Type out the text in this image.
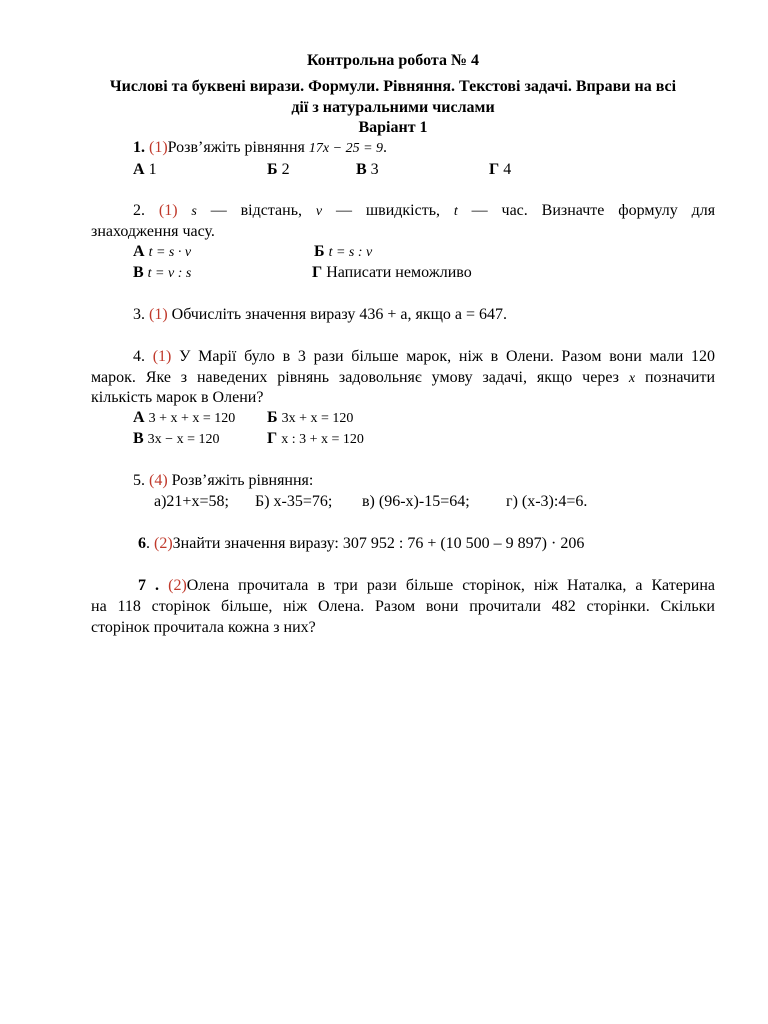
Контрольна робота № 4
Числові та буквені вирази. Формули. Рівняння. Текстові задачі. Вправи на всі
дії з натуральними числами
Варіант 1
1. (1)Розв’яжіть рівняння 17x − 25 = 9.
А 1	Б 2	В 3	Г 4
2. (1) s — відстань, v — швидкість, t — час. Визначте формулу для
знаходження часу.
А t = s · v	Б t = s : v
В t = v : s	Г Написати неможливо
3. (1) Обчисліть значення виразу 436 + а, якщо а = 647.
4. (1) У Марії було в 3 рази більше марок, ніж в Олени. Разом вони мали 120
марок. Яке з наведених рівнянь задовольняє умову задачі, якщо через x позначити
кількість марок в Олени?
А 3 + x + x = 120 Б 3x + x = 120
В 3x − x = 120	Г x : 3 + x = 120
5. (4) Розв’яжіть рівняння:
а)21+х=58; Б) х-35=76; в) (96-х)-15=64; г) (х-3):4=6.
6. (2)Знайти значення виразу: 307 952 : 76 + (10 500 – 9 897) · 206
7 . (2)Олена прочитала в три рази більше сторінок, ніж Наталка, а Катерина
на 118 сторінок більше, ніж Олена. Разом вони прочитали 482 сторінки. Скільки
сторінок прочитала кожна з них?
